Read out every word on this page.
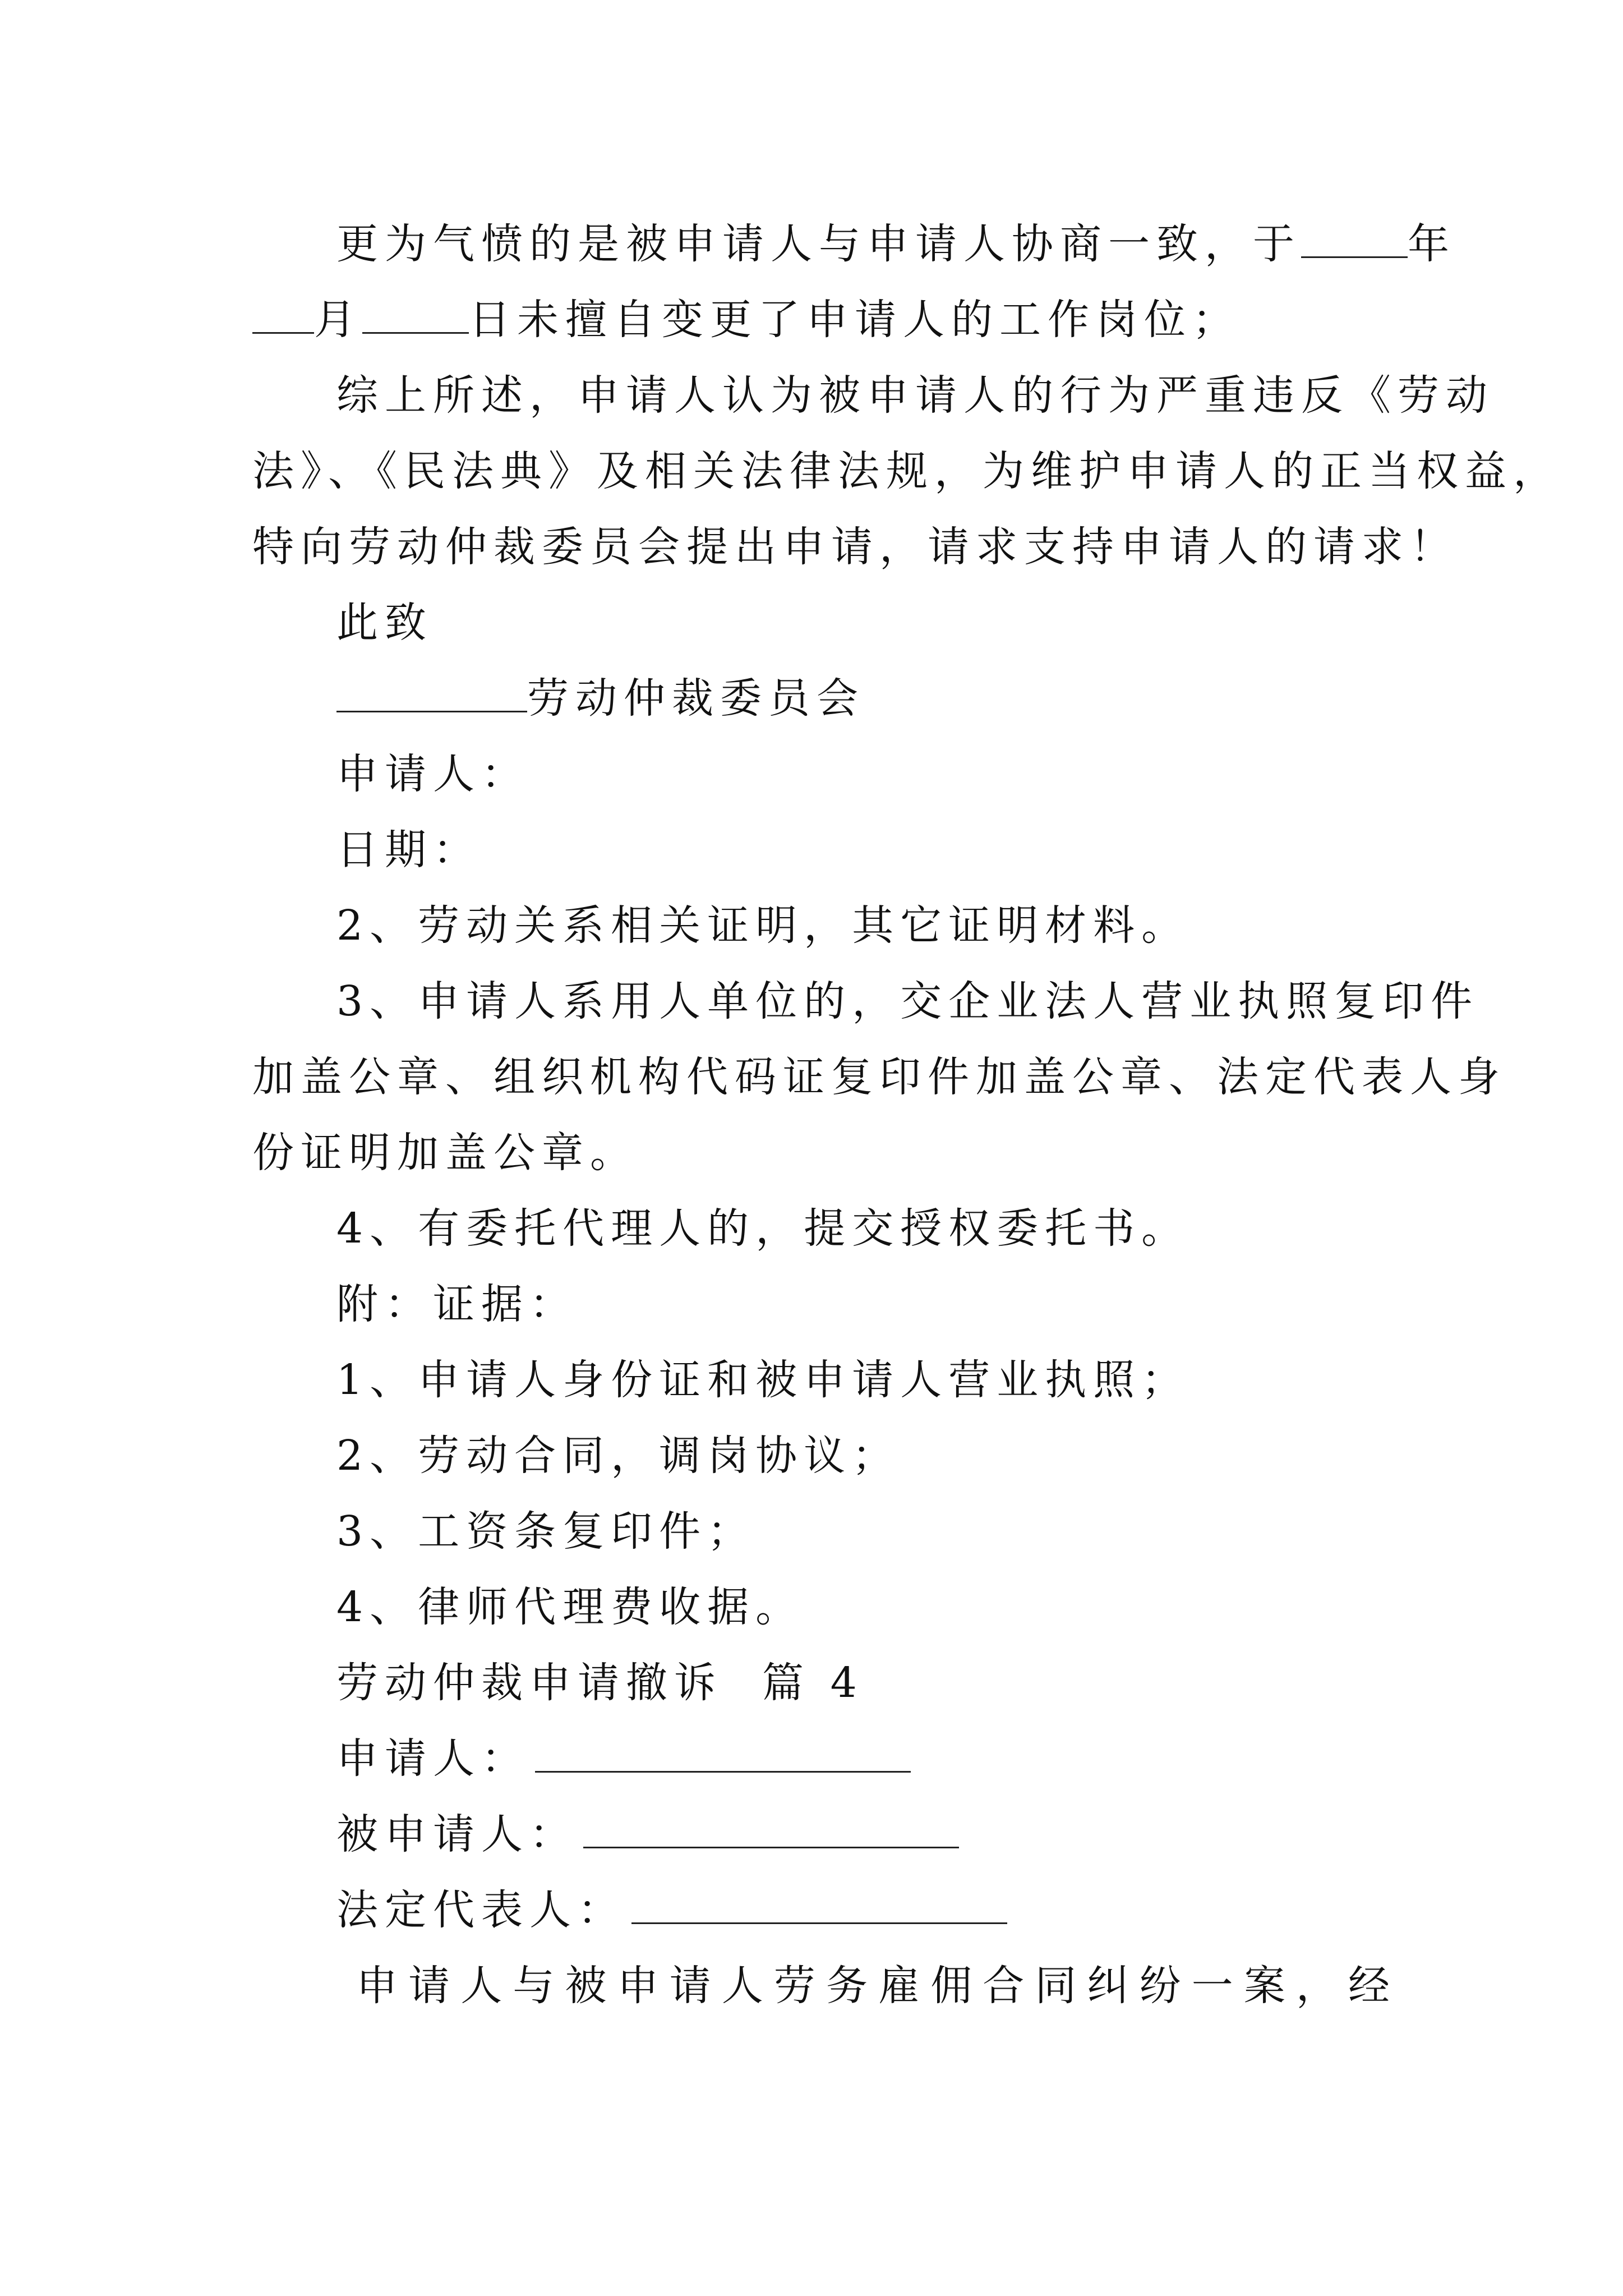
更为气愤的是被申请人与申请人协商一致，于	年
月	日未擅自变更了申请人的工作岗位；
综上所述，申请人认为被申请人的行为严重违反《劳动
法》、《民法典》及相关法律法规，为维护申请人的正当权益，
特向劳动仲裁委员会提出申请，请求支持申请人的请求！
此致
劳动仲裁委员会
申请人：
日期：
2、劳动关系相关证明，其它证明材料。
3、申请人系用人单位的，交企业法人营业执照复印件
加盖公章、组织机构代码证复印件加盖公章、法定代表人身
份证明加盖公章。
4、有委托代理人的，提交授权委托书。
附：证据：
1、申请人身份证和被申请人营业执照；
2、劳动合同，调岗协议；
3、工资条复印件；
4、律师代理费收据。
劳动仲裁申请撤诉  篇 4
申请人：
被申请人：
法定代表人：
申请人与被申请人劳务雇佣合同纠纷一案，经
